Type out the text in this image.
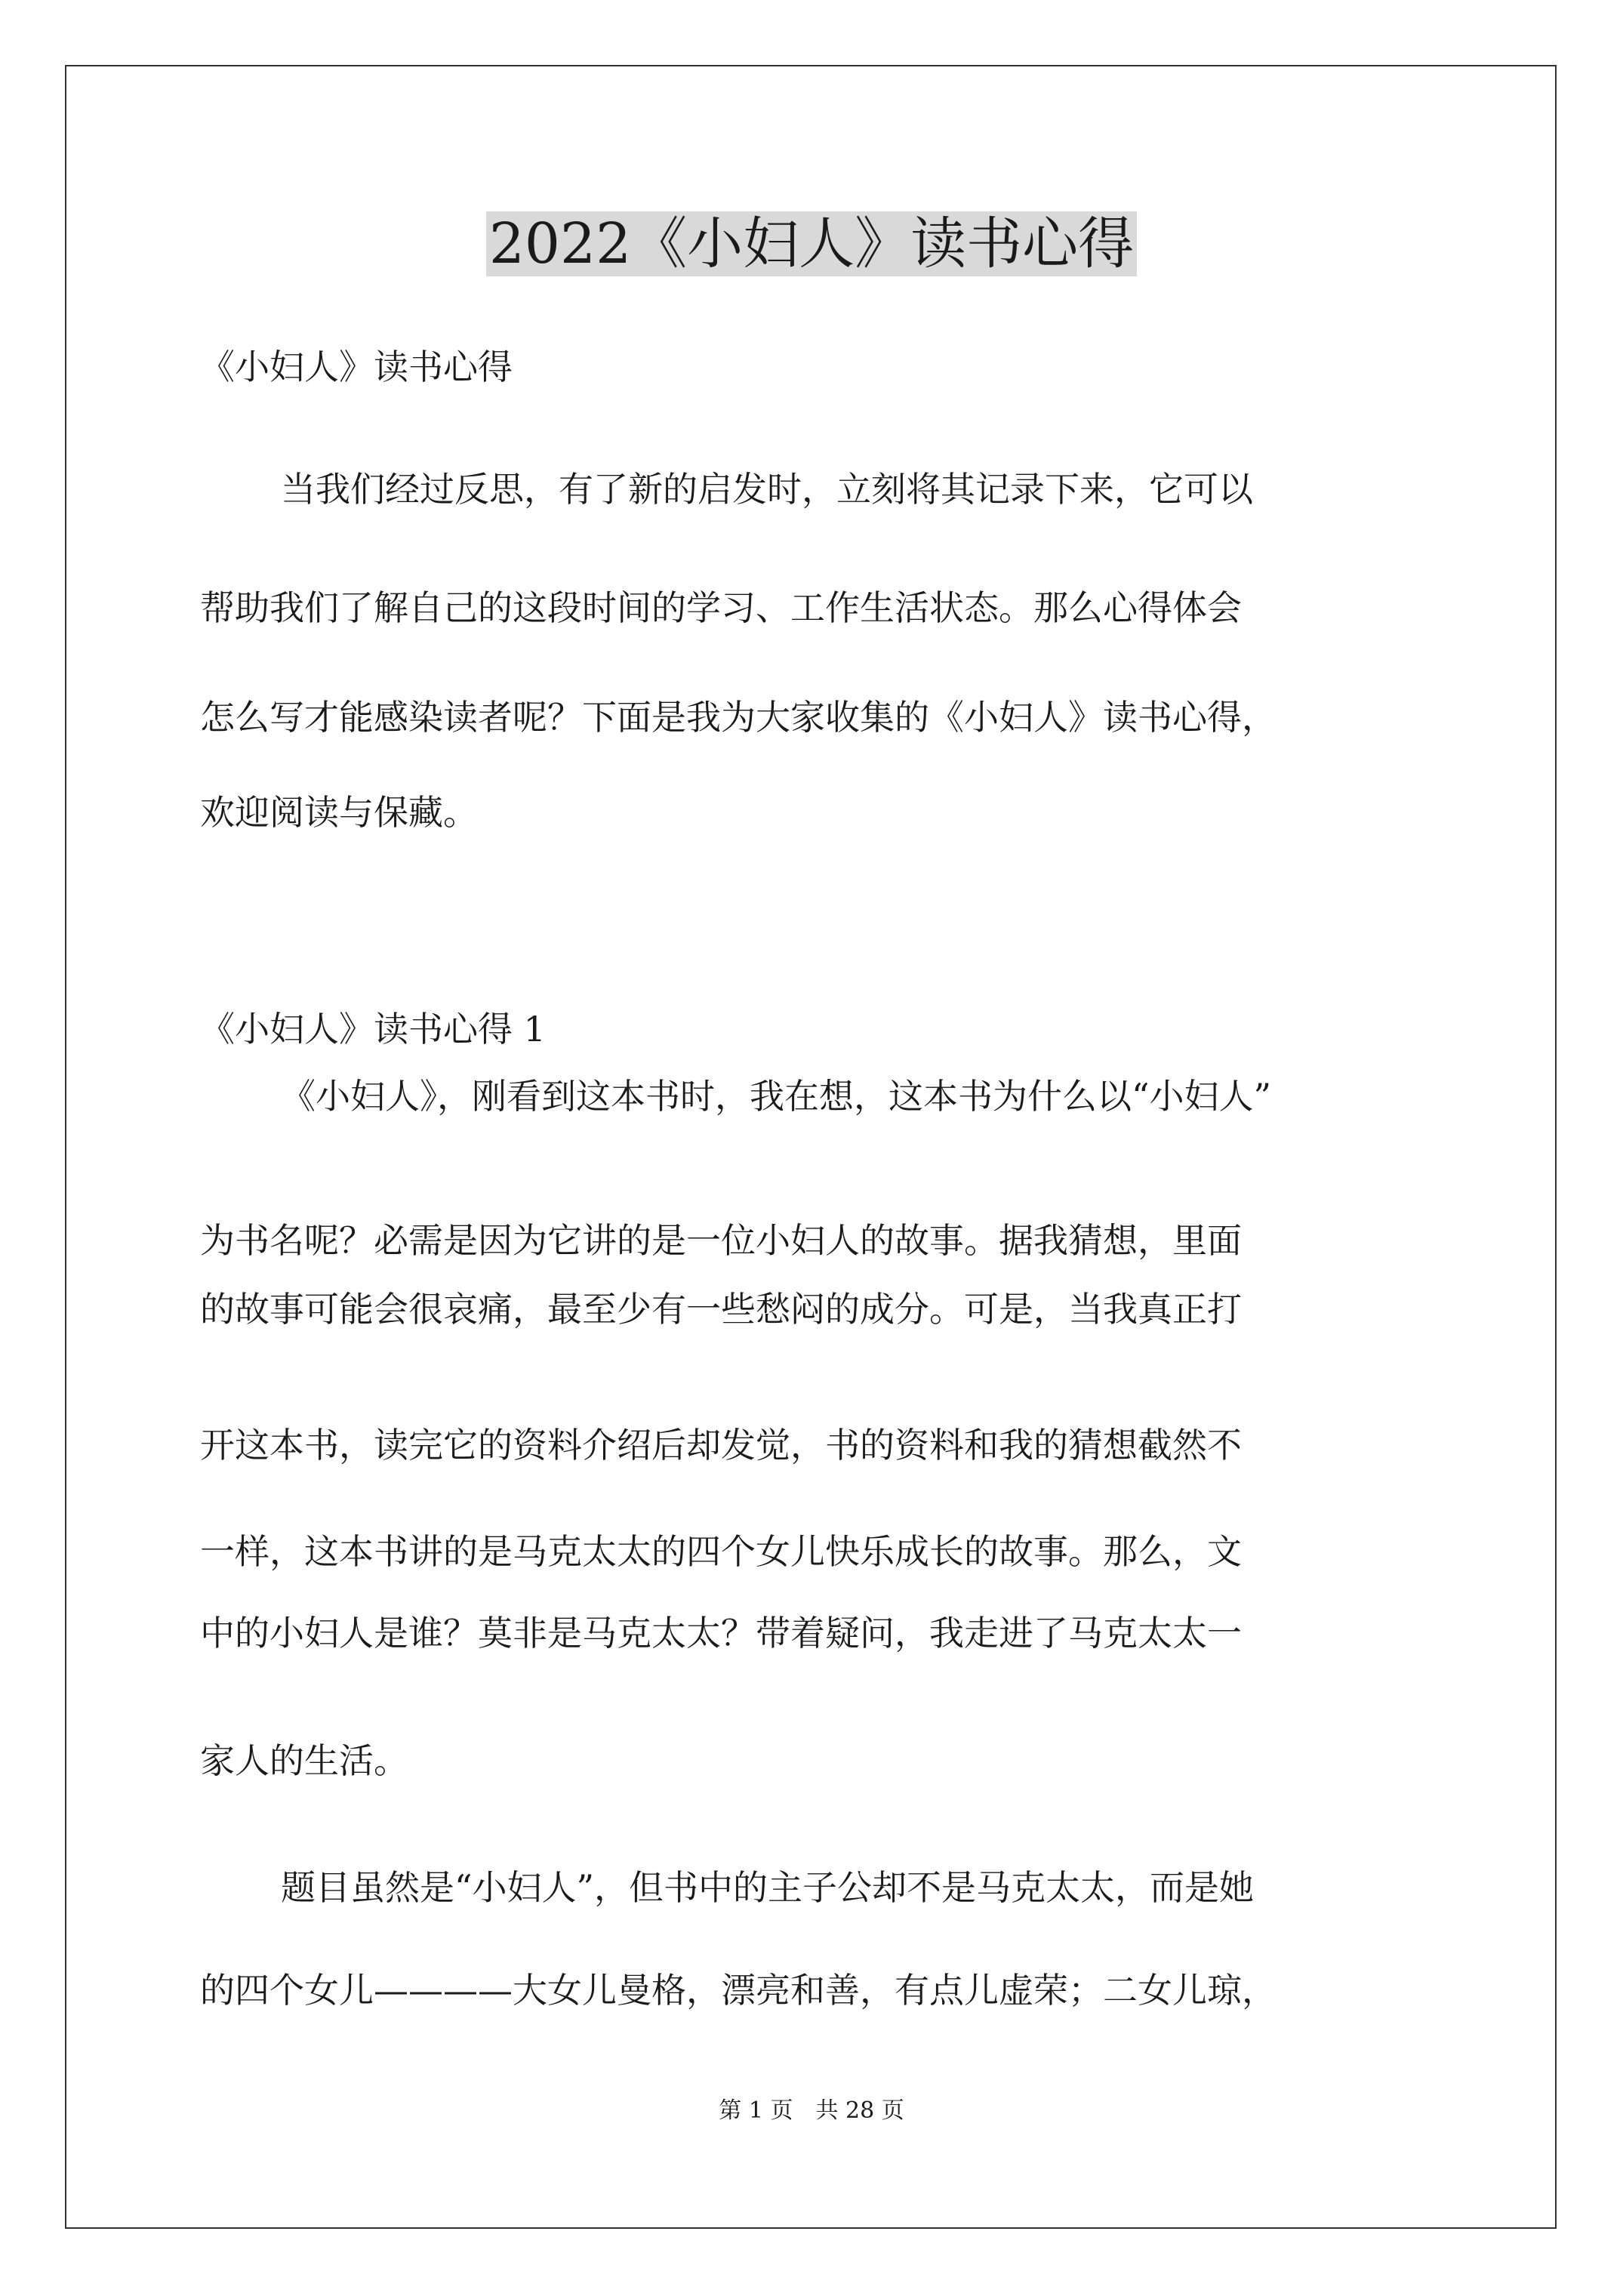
2022《小妇人》读书心得

《小妇人》读书心得

当我们经过反思，有了新的启发时，立刻将其记录下来，它可以

帮助我们了解自己的这段时间的学习、工作生活状态。那么心得体会

怎么写才能感染读者呢？下面是我为大家收集的《小妇人》读书心得，

欢迎阅读与保藏。

《小妇人》读书心得 1

《小妇人》，刚看到这本书时，我在想，这本书为什么以“小妇人”

为书名呢？必需是因为它讲的是一位小妇人的故事。据我猜想，里面

的故事可能会很哀痛，最至少有一些愁闷的成分。可是，当我真正打

开这本书，读完它的资料介绍后却发觉，书的资料和我的猜想截然不

一样，这本书讲的是马克太太的四个女儿快乐成长的故事。那么，文

中的小妇人是谁？莫非是马克太太？带着疑问，我走进了马克太太一

家人的生活。

题目虽然是“小妇人”，但书中的主子公却不是马克太太，而是她

的四个女儿————大女儿曼格，漂亮和善，有点儿虚荣；二女儿琼，

第 1 页 共 28 页
